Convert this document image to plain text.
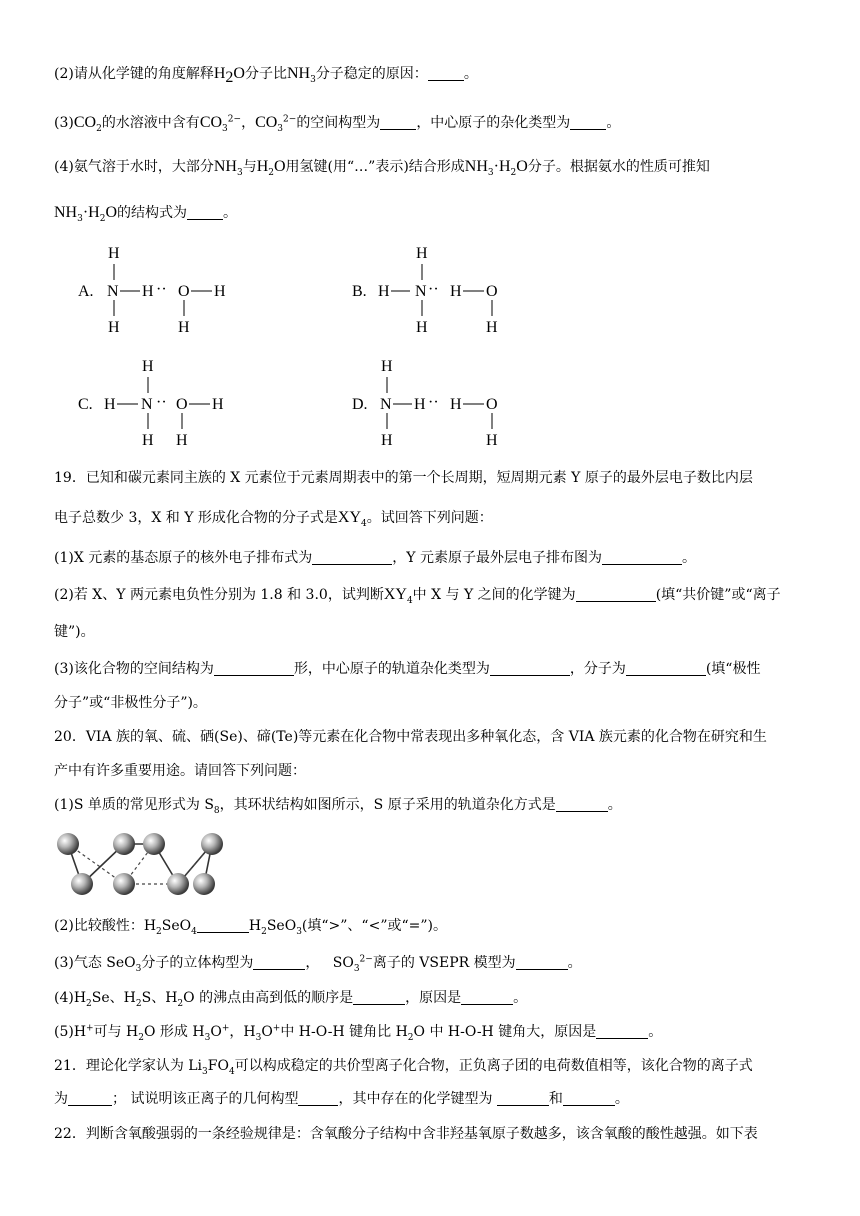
(2)请从化学键的角度解释$H_2O$分子比$NH_3$分子稳定的原因：	。
$(3)CO_2$的水溶液中含有$CO_3^{2-}$，$CO_3^{2-}$的空间构型为	，中心原子的杂化类型为	。
(4)氨气溶于水时，大部分$NH_3$与$H_2O$用氢键(用“…”表示)结合形成$NH_3\cdot H_2O$分子。根据氨水的性质可推知
$NH_3\cdot H_2O$的结构式为	。
A.
H
N H ·· O H
H	H
B.
H
H N ·· H O
H	H
C.
H
H N ·· O H
H H
D.
H
N H ·· H O
H	H
19．已知和碳元素同主族的 X 元素位于元素周期表中的第一个长周期，短周期元素 Y 原子的最外层电子数比内层
电子总数少 3，X 和 Y 形成化合物的分子式是$XY_4$。试回答下列问题：
(1)X 元素的基态原子的核外电子排布式为	，Y 元素原子最外层电子排布图为	。
(2)若 X、Y 两元素电负性分别为 1.8 和 3.0，试判断$XY_4$中 X 与 Y 之间的化学键为	(填“共价键”或“离子
键”)。
(3)该化合物的空间结构为	形，中心原子的轨道杂化类型为	，分子为	(填“极性
分子”或“非极性分子”)。
20．VIA 族的氧、硫、硒(Se)、碲(Te)等元素在化合物中常表现出多种氧化态，含 VIA 族元素的化合物在研究和生
产中有许多重要用途。请回答下列问题：
(1)S 单质的常见形式为 $S_8$，其环状结构如图所示，S 原子采用的轨道杂化方式是	。
(2)比较酸性：$H_2SeO_4$	$H_2SeO_3$(填“>”、“<”或“=”)。
(3)气态 SeO$_3$分子的立体构型为	， $SO_3^{2-}$离子的 VSEPR 模型为	。
$(4)H_2Se$、$H_2S$、$H_2O$ 的沸点由高到低的顺序是	，原因是	。
(5)H+可与 $H_2O$ 形成 $H_3O^+$，$H_3O^+$中 H-O-H 键角比 $H_2O$ 中 H-O-H 键角大，原因是	。
21．理论化学家认为 $Li_3FO_4$可以构成稳定的共价型离子化合物，正负离子团的电荷数值相等，该化合物的离子式
为	； 试说明该正离子的几何构型	，其中存在的化学键型为	和	。
22．判断含氧酸强弱的一条经验规律是：含氧酸分子结构中含非羟基氧原子数越多，该含氧酸的酸性越强。如下表
